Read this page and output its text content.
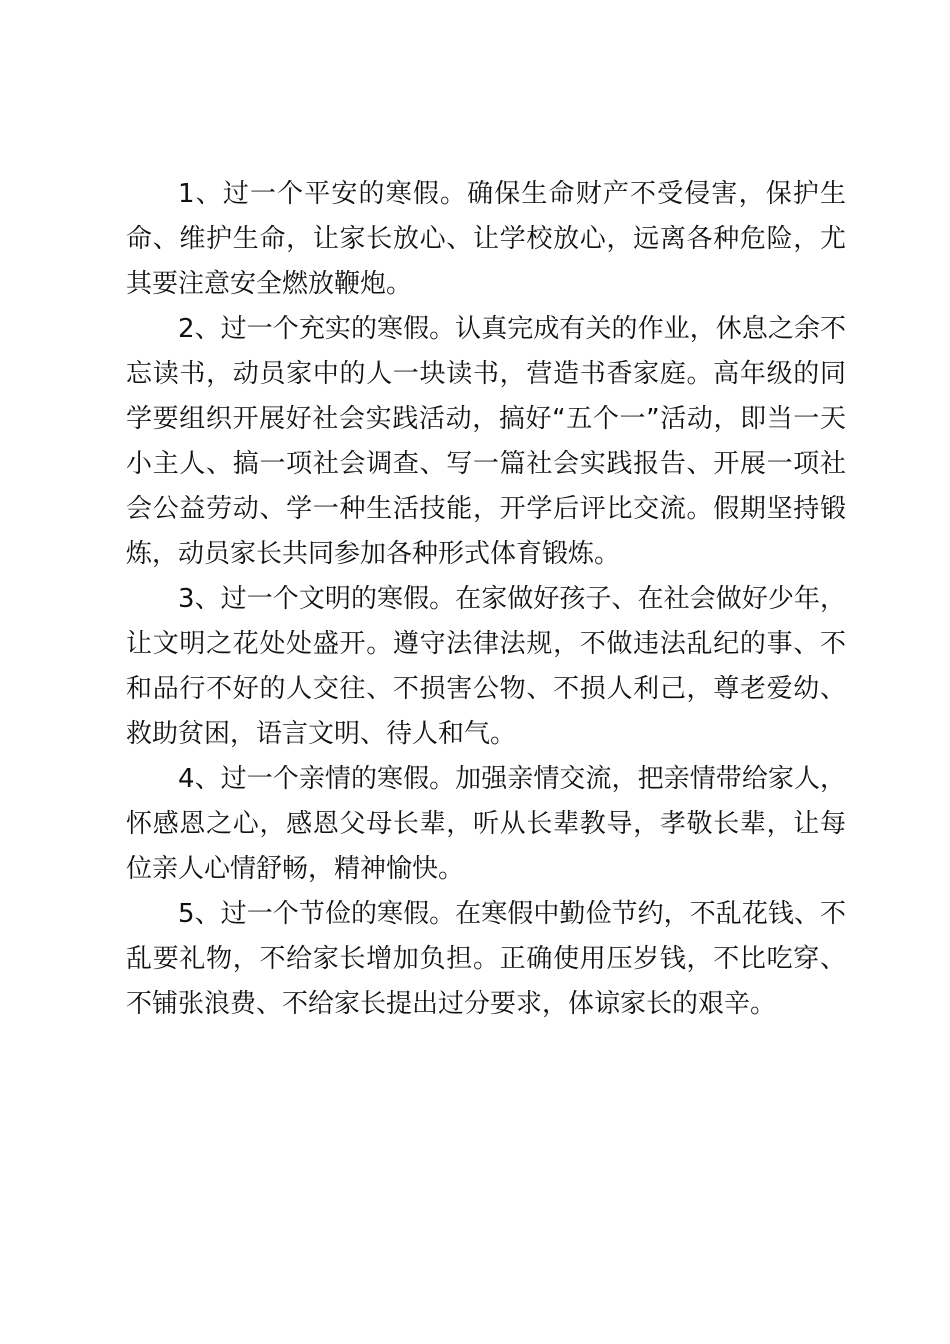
1、过一个平安的寒假。确保生命财产不受侵害，保护生命、维护生命，让家长放心、让学校放心，远离各种危险，尤其要注意安全燃放鞭炮。

2、过一个充实的寒假。认真完成有关的作业，休息之余不忘读书，动员家中的人一块读书，营造书香家庭。高年级的同学要组织开展好社会实践活动，搞好“五个一”活动，即当一天小主人、搞一项社会调查、写一篇社会实践报告、开展一项社会公益劳动、学一种生活技能，开学后评比交流。假期坚持锻炼，动员家长共同参加各种形式体育锻炼。

3、过一个文明的寒假。在家做好孩子、在社会做好少年，让文明之花处处盛开。遵守法律法规，不做违法乱纪的事、不和品行不好的人交往、不损害公物、不损人利己，尊老爱幼、救助贫困，语言文明、待人和气。

4、过一个亲情的寒假。加强亲情交流，把亲情带给家人，怀感恩之心，感恩父母长辈，听从长辈教导，孝敬长辈，让每位亲人心情舒畅，精神愉快。

5、过一个节俭的寒假。在寒假中勤俭节约，不乱花钱、不乱要礼物，不给家长增加负担。正确使用压岁钱，不比吃穿、不铺张浪费、不给家长提出过分要求，体谅家长的艰辛。
